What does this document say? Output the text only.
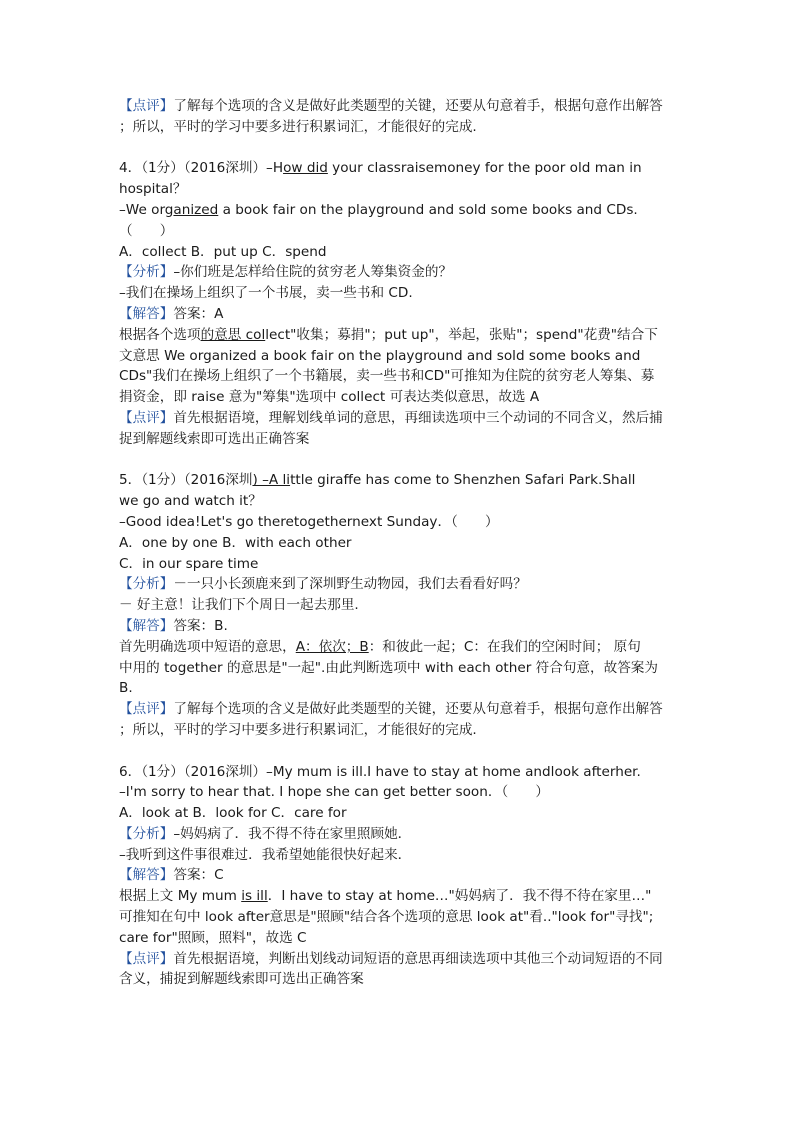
【点评】了解每个选项的含义是做好此类题型的关键，还要从句意着手，根据句意作出解答
；所以，平时的学习中要多进行积累词汇，才能很好的完成.
4．（1分）（2016深圳）–How did your classraisemoney for the poor old man in
hospital？
–We organized a book fair on the playground and sold some books and CDs.
（　　）
A．collect B．put up C．spend
【分析】–你们班是怎样给住院的贫穷老人筹集资金的？
–我们在操场上组织了一个书展，卖一些书和 CD.
【解答】答案：A
根据各个选项的意思 collect"收集；募捐"；put up"，举起，张贴"；spend"花费"结合下
文意思 We organized a book fair on the playground and sold some books and
CDs"我们在操场上组织了一个书籍展，卖一些书和CD"可推知为住院的贫穷老人筹集、募
捐资金，即 raise 意为"筹集"选项中 collect 可表达类似意思，故选 A
【点评】首先根据语境，理解划线单词的意思，再细读选项中三个动词的不同含义，然后捕
捉到解题线索即可选出正确答案
5．（1分）（2016深圳) –A little giraffe has come to Shenzhen Safari Park.Shall
we go and watch it？
–Good idea!Let's go theretogethernext Sunday．（　　）
A．one by one B．with each other
C．in our spare time
【分析】－一只小长颈鹿来到了深圳野生动物园，我们去看看好吗？
－ 好主意！让我们下个周日一起去那里.
【解答】答案：B.
首先明确选项中短语的意思，A：依次；B：和彼此一起；C：在我们的空闲时间； 原句
中用的 together 的意思是"一起".由此判断选项中 with each other 符合句意，故答案为
B.
【点评】了解每个选项的含义是做好此类题型的关键，还要从句意着手，根据句意作出解答
；所以，平时的学习中要多进行积累词汇，才能很好的完成.
6．（1分）（2016深圳）–My mum is ill.I have to stay at home andlook afterher.
–I'm sorry to hear that. I hope she can get better soon．（　　）
A．look at B．look for C．care for
【分析】–妈妈病了．我不得不待在家里照顾她．
–我听到这件事很难过．我希望她能很快好起来．
【解答】答案：C
根据上文 My mum is ill．I have to stay at home…"妈妈病了．我不得不待在家里…"
可推知在句中 look after意思是"照顾"结合各个选项的意思 look at"看.."look for"寻找";
care for"照顾，照料"，故选 C
【点评】首先根据语境，判断出划线动词短语的意思再细读选项中其他三个动词短语的不同
含义，捕捉到解题线索即可选出正确答案
